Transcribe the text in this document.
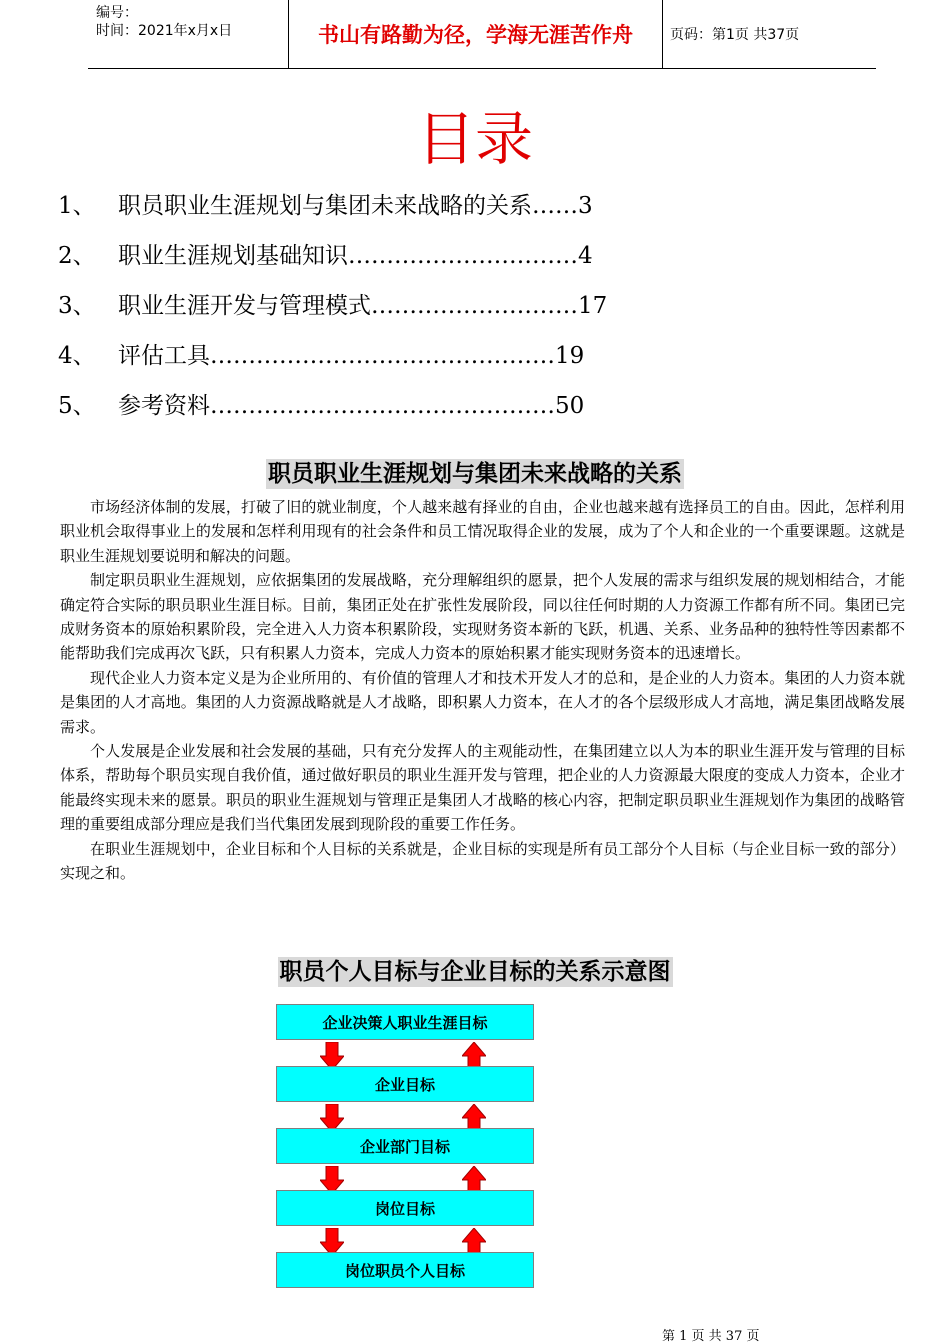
编号：
时间：2021年x月x日	书山有路勤为径，学海无涯苦作舟	页码：第1页 共37页
目录
1、 职员职业生涯规划与集团未来战略的关系……3
2、 职业生涯规划基础知识…………………………4
3、 职业生涯开发与管理模式………………………17
4、 评估工具………………………………………19
5、 参考资料………………………………………50
职员职业生涯规划与集团未来战略的关系

市场经济体制的发展，打破了旧的就业制度，个人越来越有择业的自由，企业也越来越有选择员工的自由。因此，怎样利用职业机会取得事业上的发展和怎样利用现有的社会条件和员工情况取得企业的发展，成为了个人和企业的一个重要课题。这就是职业生涯规划要说明和解决的问题。

制定职员职业生涯规划，应依据集团的发展战略，充分理解组织的愿景，把个人发展的需求与组织发展的规划相结合，才能确定符合实际的职员职业生涯目标。目前，集团正处在扩张性发展阶段，同以往任何时期的人力资源工作都有所不同。集团已完成财务资本的原始积累阶段，完全进入人力资本积累阶段，实现财务资本新的飞跃，机遇、关系、业务品种的独特性等因素都不能帮助我们完成再次飞跃，只有积累人力资本，完成人力资本的原始积累才能实现财务资本的迅速增长。

现代企业人力资本定义是为企业所用的、有价值的管理人才和技术开发人才的总和，是企业的人力资本。集团的人力资本就是集团的人才高地。集团的人力资源战略就是人才战略，即积累人力资本，在人才的各个层级形成人才高地，满足集团战略发展需求。

个人发展是企业发展和社会发展的基础，只有充分发挥人的主观能动性，在集团建立以人为本的职业生涯开发与管理的目标体系，帮助每个职员实现自我价值，通过做好职员的职业生涯开发与管理，把企业的人力资源最大限度的变成人力资本，企业才能最终实现未来的愿景。职员的职业生涯规划与管理正是集团人才战略的核心内容，把制定职员职业生涯规划作为集团的战略管理的重要组成部分理应是我们当代集团发展到现阶段的重要工作任务。

在职业生涯规划中，企业目标和个人目标的关系就是，企业目标的实现是所有员工部分个人目标（与企业目标一致的部分）实现之和。

职员个人目标与企业目标的关系示意图
企业决策人职业生涯目标
企业目标
企业部门目标
岗位目标
岗位职员个人目标
第 1 页 共 37 页
